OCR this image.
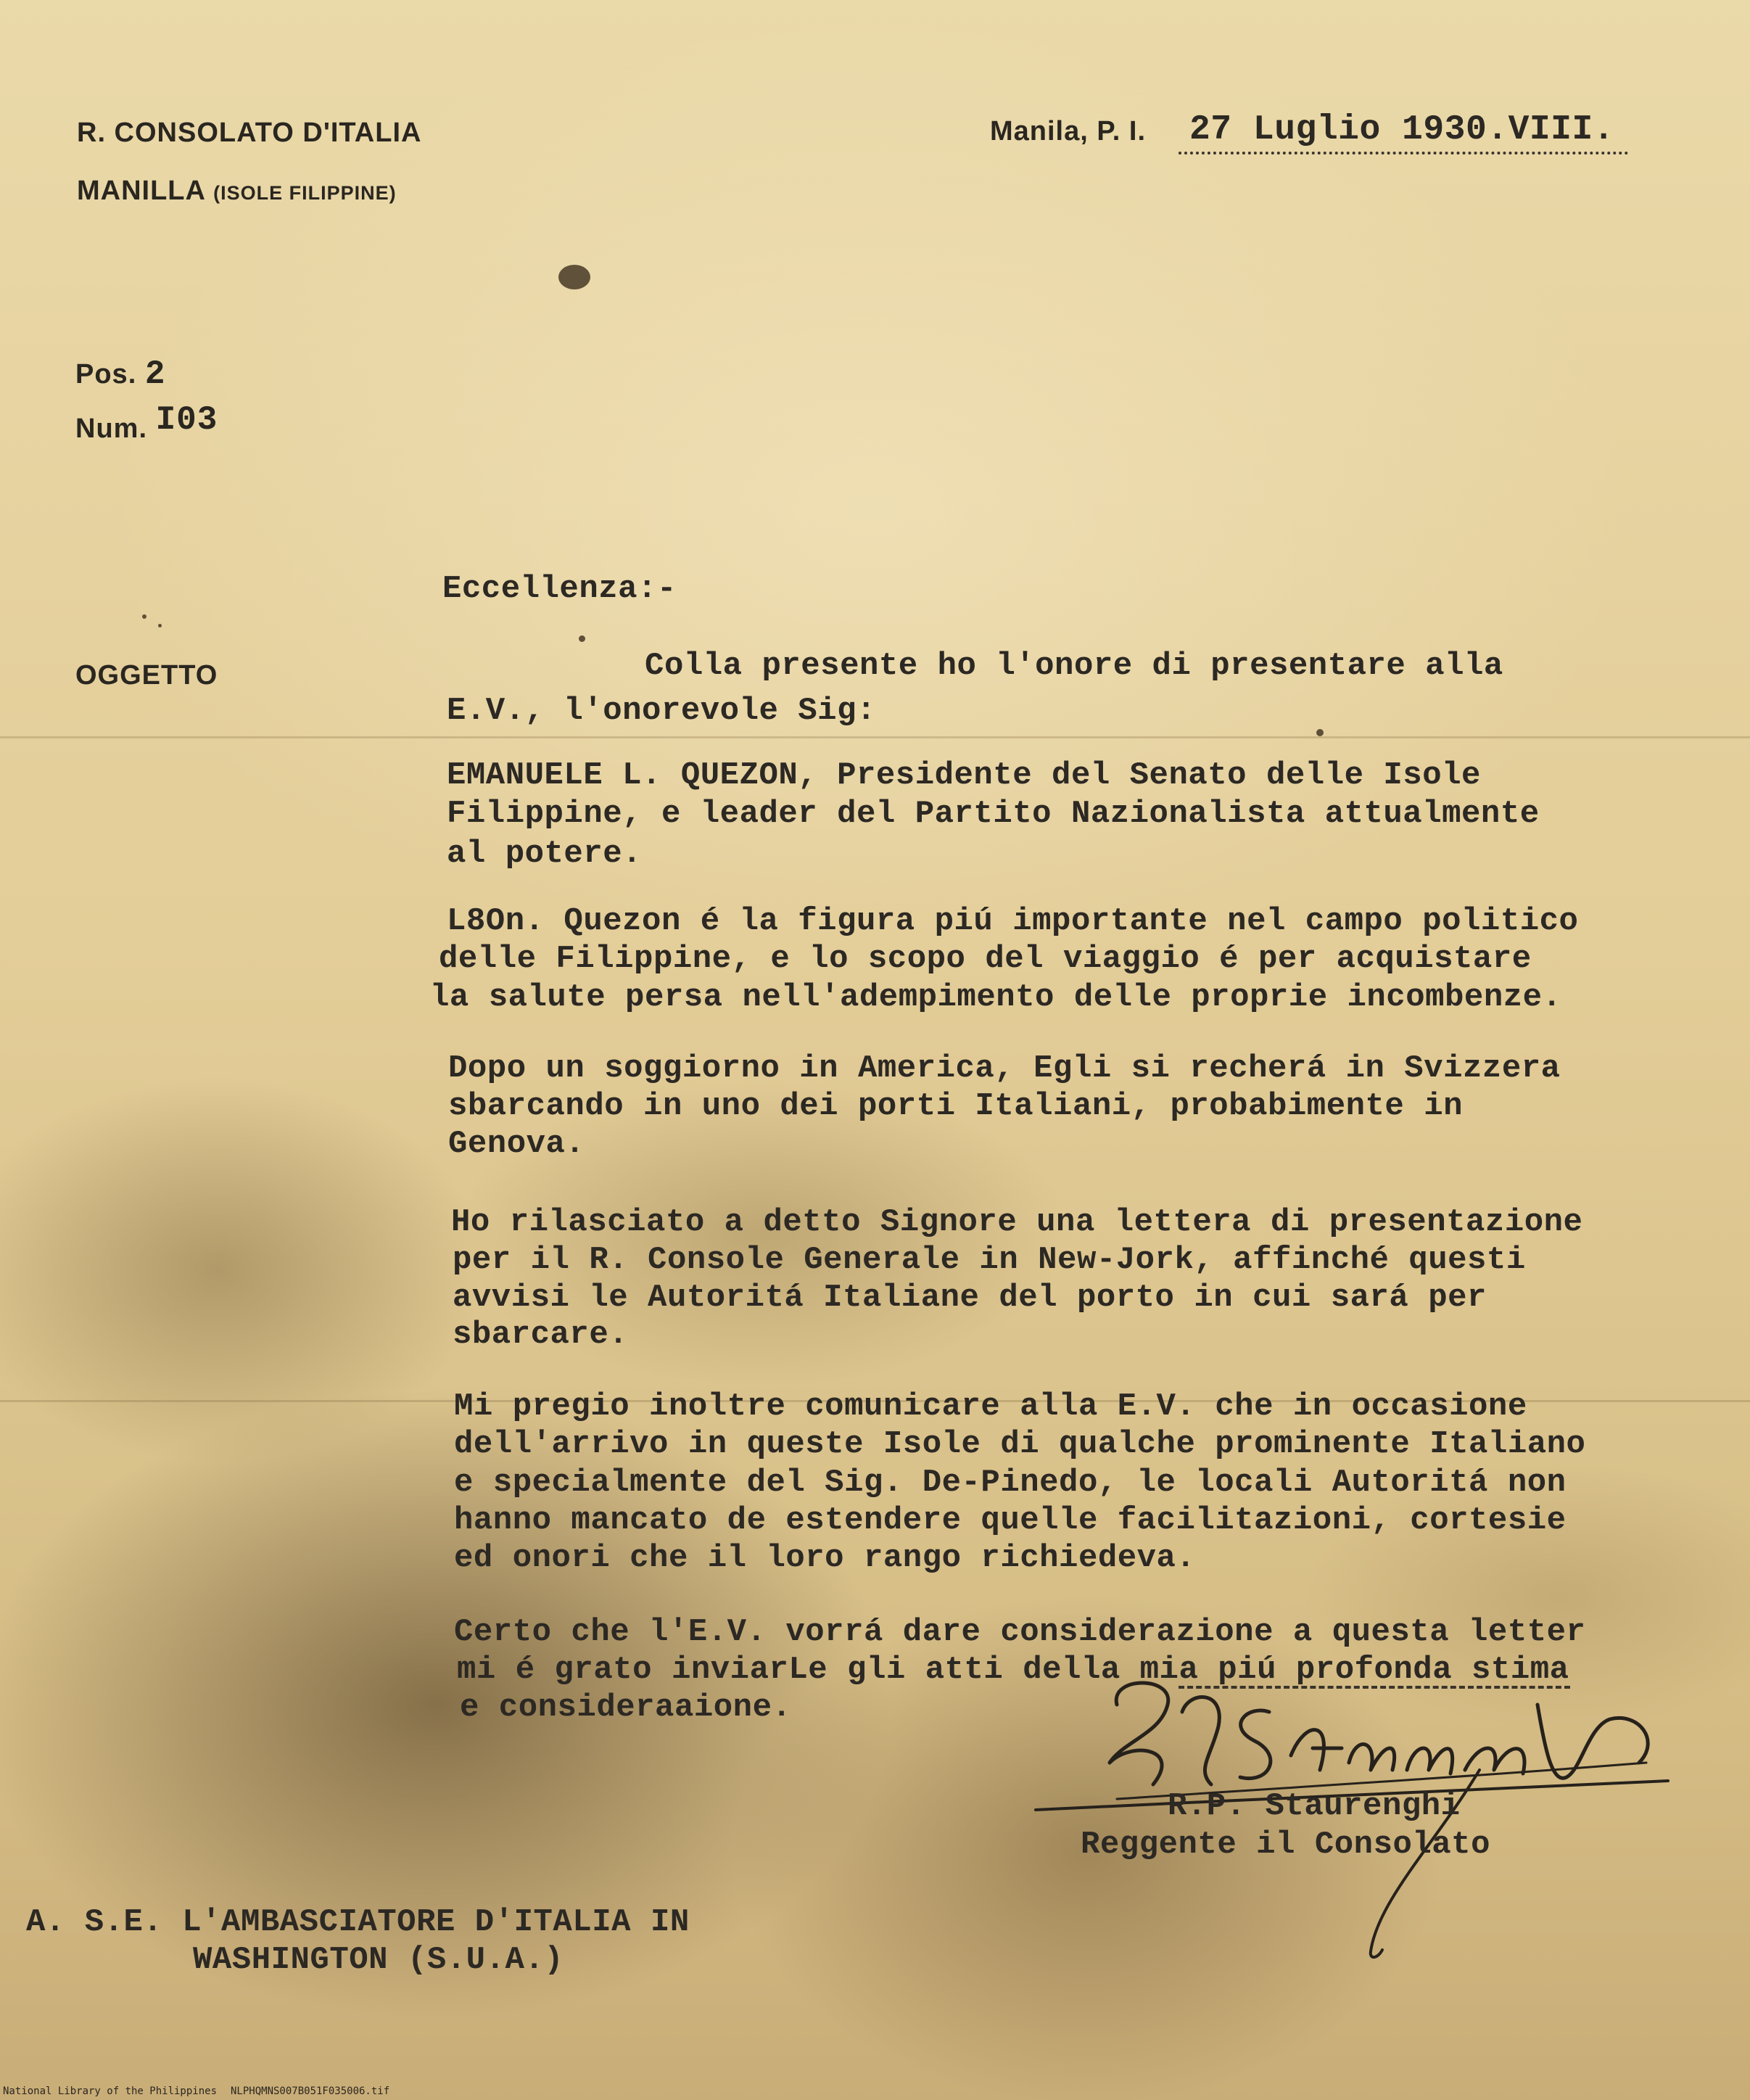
R. CONSOLATO D'ITALIA
MANILLA (ISOLE FILIPPINE)
Manila, P. I. 27 Luglio 1930.VIII.
Pos. 2
Num. I03
OGGETTO
Eccellenza:-
Colla presente ho l'onore di presentare alla
E.V., l'onorevole Sig:
EMANUELE L. QUEZON, Presidente del Senato delle Isole
Filippine, e leader del Partito Nazionalista attualmente
al potere.
L8On. Quezon é la figura piú importante nel campo politico
delle Filippine, e lo scopo del viaggio é per acquistare
la salute persa nell'adempimento delle proprie incombenze.
Dopo un soggiorno in America, Egli si recherá in Svizzera
sbarcando in uno dei porti Italiani, probabimente in
Genova.
Ho rilasciato a detto Signore una lettera di presentazione
per il R. Console Generale in New-Jork, affinché questi
avvisi le Autoritá Italiane del porto in cui sará per
sbarcare.
Mi pregio inoltre comunicare alla E.V. che in occasione
dell'arrivo in queste Isole di qualche prominente Italiano
e specialmente del Sig. De-Pinedo, le locali Autoritá non
hanno mancato de estendere quelle facilitazioni, cortesie
ed onori che il loro rango richiedeva.
Certo che l'E.V. vorrá dare considerazione a questa letter
mi é grato inviarLe gli atti della mia piú profonda stima
e consideraaione.
R.P. Staurenghi
Reggente il Consolato
A. S.E. L'AMBASCIATORE D'ITALIA IN
WASHINGTON (S.U.A.)
National Library of the Philippines NLPHQMNS007B051F035006.tif
